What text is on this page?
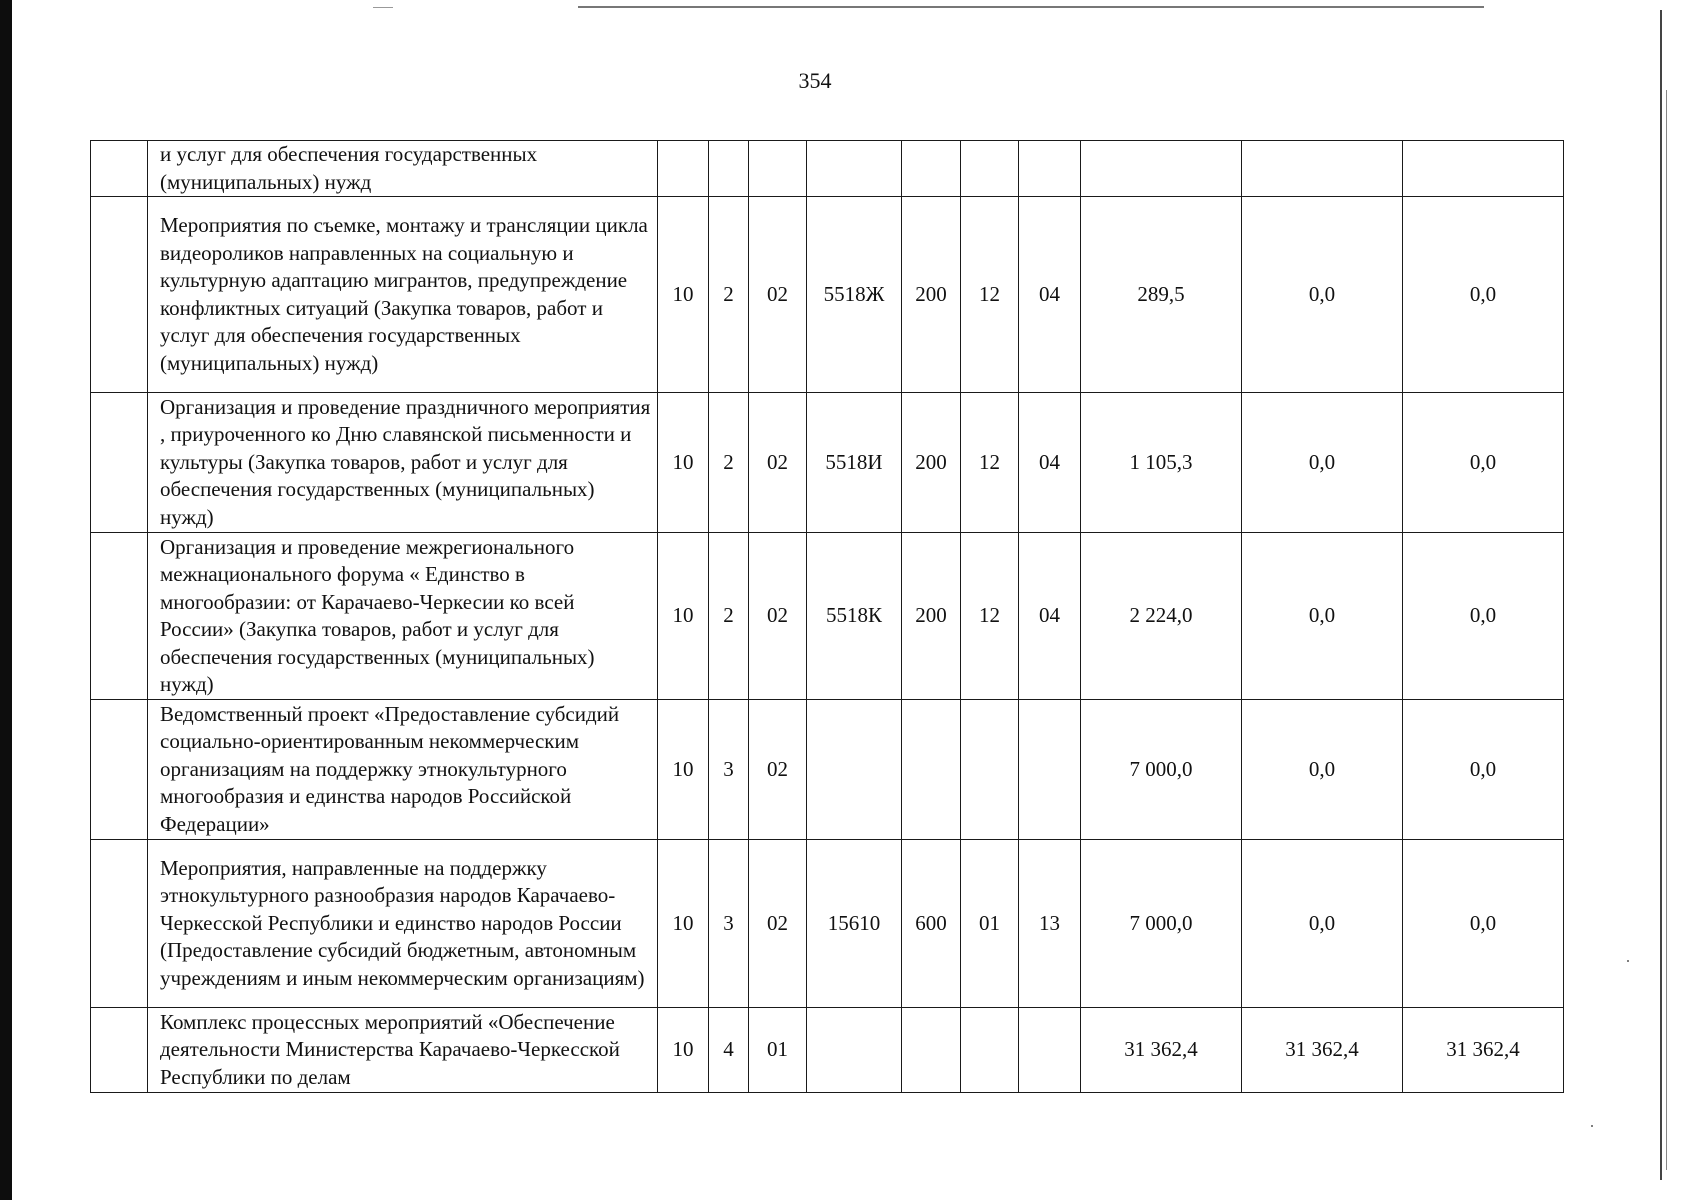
354
	и услуг для обеспечения государственных (муниципальных) нужд										
	Мероприятия по съемке, монтажу и трансляции цикла видеороликов направленных на социальную и культурную адаптацию мигрантов, предупреждение конфликтных ситуаций (Закупка товаров, работ и услуг для обеспечения государственных (муниципальных) нужд)	10	2	02	5518Ж	200	12	04	289,5	0,0	0,0
	Организация и проведение праздничного мероприятия , приуроченного ко Дню славянской письменности и культуры (Закупка товаров, работ и услуг для обеспечения государственных (муниципальных) нужд)	10	2	02	5518И	200	12	04	1 105,3	0,0	0,0
	Организация и проведение межрегионального межнационального форума « Единство в многообразии: от Карачаево-Черкесии ко всей России» (Закупка товаров, работ и услуг для обеспечения государственных (муниципальных) нужд)	10	2	02	5518К	200	12	04	2 224,0	0,0	0,0
	Ведомственный проект «Предоставление субсидий социально-ориентированным некоммерческим организациям на поддержку этнокультурного многообразия и единства народов Российской Федерации»	10	3	02					7 000,0	0,0	0,0
	Мероприятия, направленные на поддержку этнокультурного разнообразия народов Карачаево-Черкесской Республики и единство народов России (Предоставление субсидий бюджетным, автономным учреждениям и иным некоммерческим организациям)	10	3	02	15610	600	01	13	7 000,0	0,0	0,0
	Комплекс процессных мероприятий «Обеспечение деятельности Министерства Карачаево-Черкесской Республики по делам	10	4	01					31 362,4	31 362,4	31 362,4
